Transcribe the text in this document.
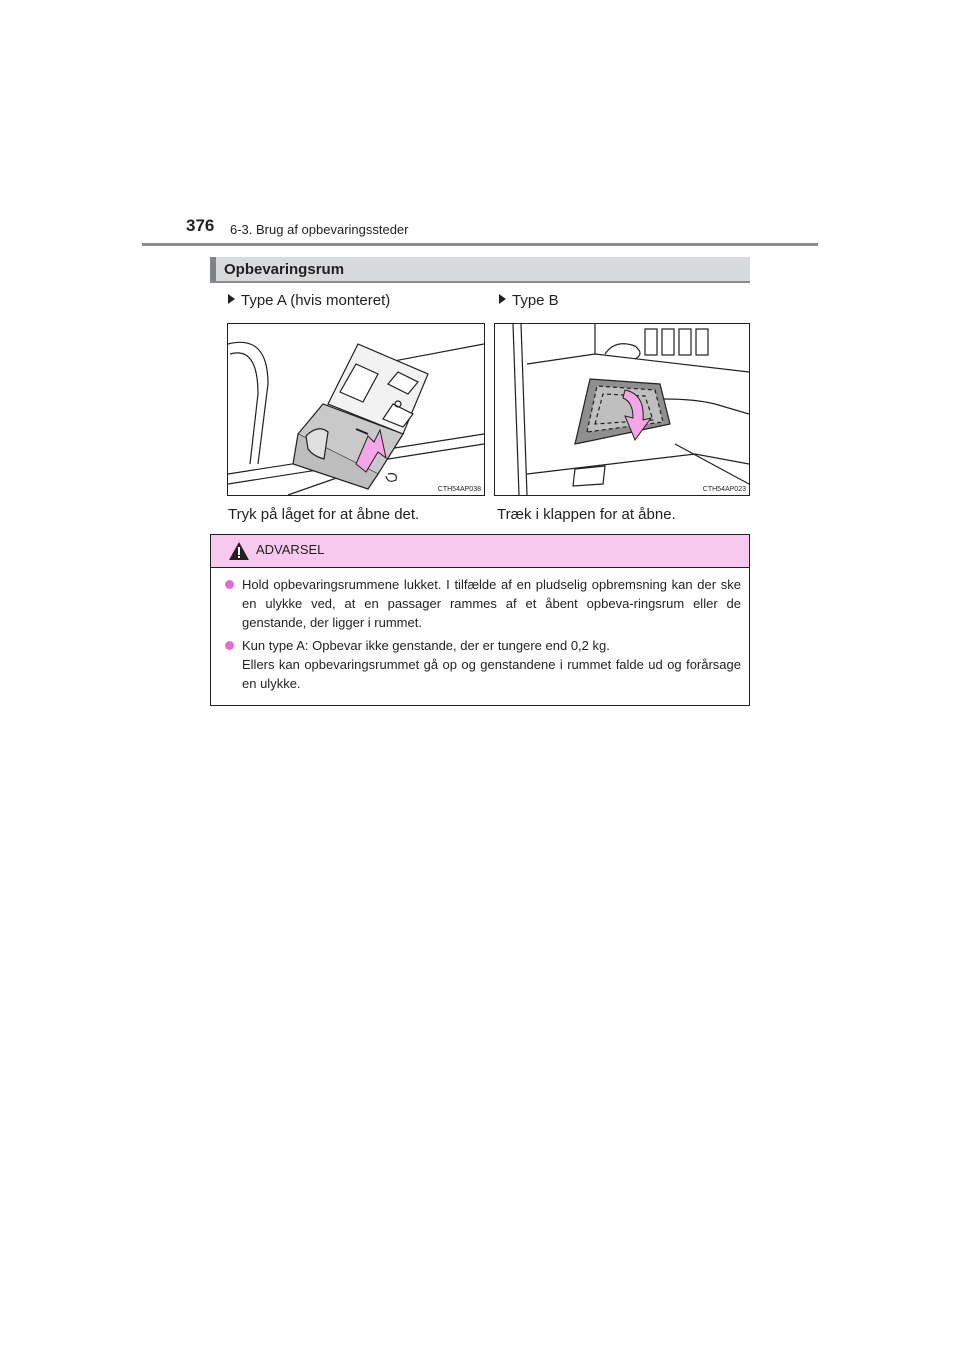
376 6-3. Brug af opbevaringssteder
Opbevaringsrum
Type A (hvis monteret)	Type B
CTH54AP038	CTH54AP023
Tryk på låget for at åbne det.	Træk i klappen for at åbne.
ADVARSEL

Hold opbevaringsrummene lukket. I tilfælde af en pludselig opbremsning kan der ske en ulykke ved, at en passager rammes af et åbent opbeva-ringsrum eller de genstande, der ligger i rummet.

Kun type A: Opbevar ikke genstande, der er tungere end 0,2 kg.

Ellers kan opbevaringsrummet gå op og genstandene i rummet falde ud og forårsage en ulykke.
